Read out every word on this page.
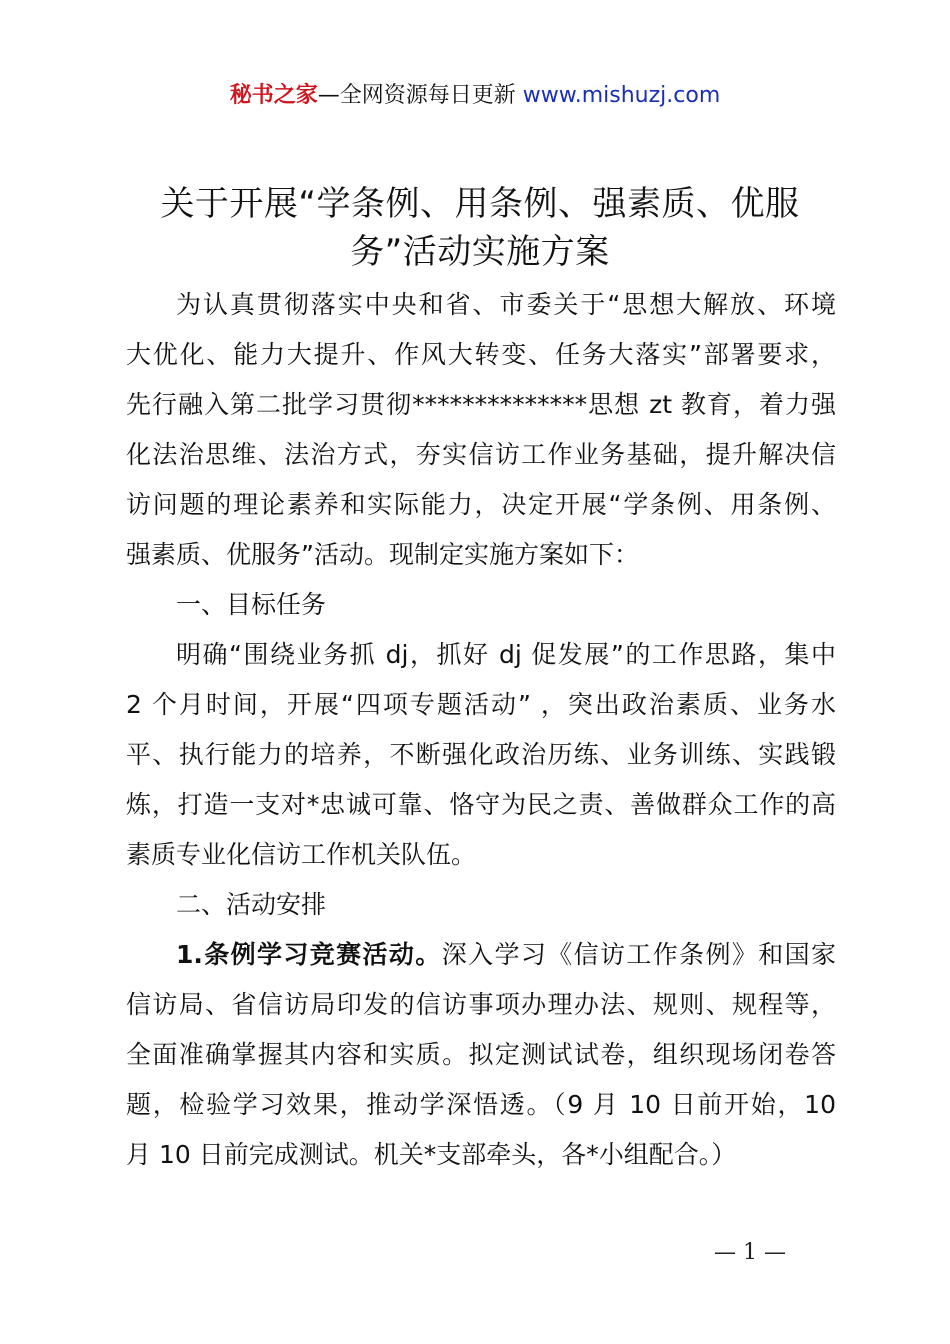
秘书之家—全网资源每日更新 www.mishuzj.com
关于开展“学条例、用条例、强素质、优服
务”活动实施方案
为认真贯彻落实中央和省、市委关于“思想大解放、环境
大优化、能力大提升、作风大转变、任务大落实”部署要求，
先行融入第二批学习贯彻**************思想 zt 教育，着力强
化法治思维、法治方式，夯实信访工作业务基础，提升解决信
访问题的理论素养和实际能力，决定开展“学条例、用条例、
强素质、优服务”活动。现制定实施方案如下：
一、目标任务
明确“围绕业务抓 dj，抓好 dj 促发展”的工作思路，集中
2 个月时间，开展“四项专题活动” ，突出政治素质、业务水
平、执行能力的培养，不断强化政治历练、业务训练、实践锻
炼，打造一支对*忠诚可靠、恪守为民之责、善做群众工作的高
素质专业化信访工作机关队伍。
二、活动安排
1.条例学习竞赛活动。深入学习《信访工作条例》和国家
信访局、省信访局印发的信访事项办理办法、规则、规程等，
全面准确掌握其内容和实质。拟定测试试卷，组织现场闭卷答
题，检验学习效果，推动学深悟透。（9 月 10 日前开始，10
月 10 日前完成测试。机关*支部牵头，各*小组配合。）
— 1 —
